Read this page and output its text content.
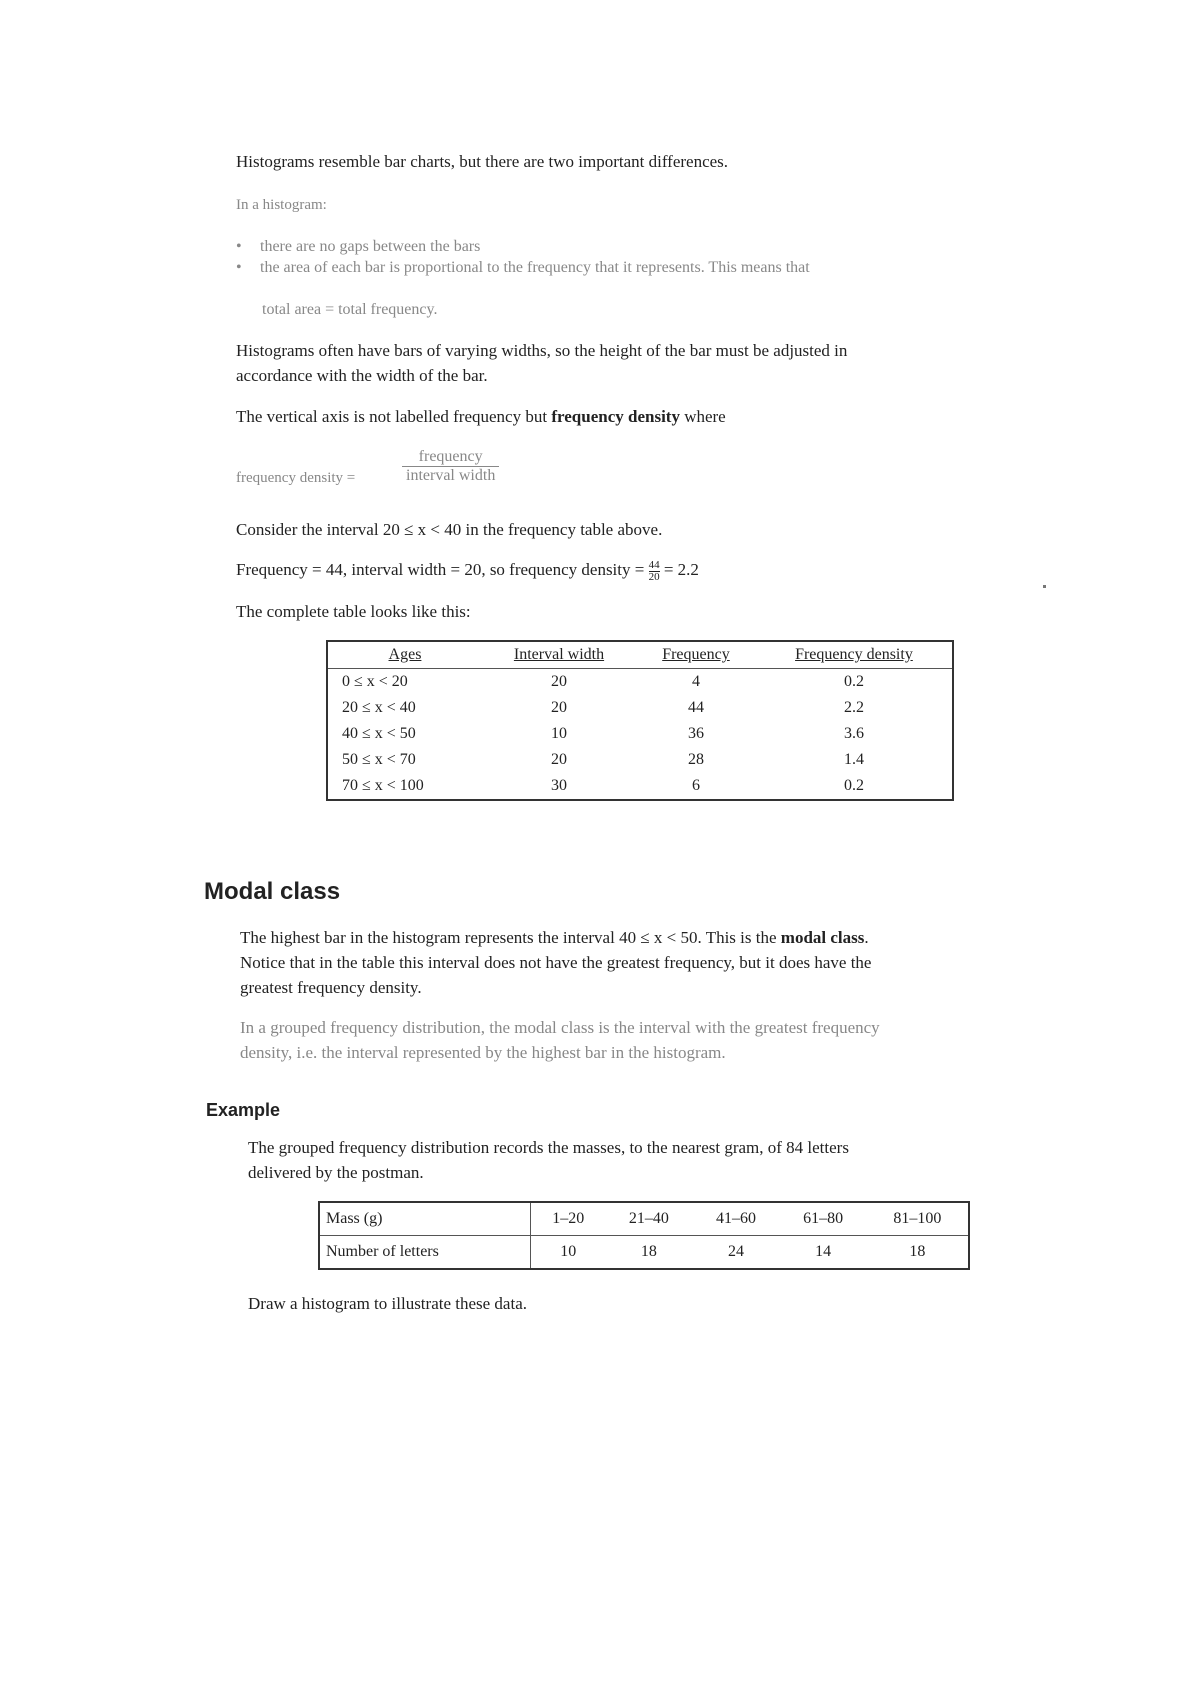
Histograms resemble bar charts, but there are two important differences.

In a histogram:

• there are no gaps between the bars
• the area of each bar is proportional to the frequency that it represents. This means that

total area = total frequency.

Histograms often have bars of varying widths, so the height of the bar must be adjusted in

accordance with the width of the bar.

The vertical axis is not labelled frequency but frequency density where

frequency density =

frequency
interval width

Consider the interval 20 ≤ x < 40 in the frequency table above.

Frequency = 44, interval width = 20, so frequency density = $\frac{44}{20} = 2.2$

The complete table looks like this:

Ages	Interval width	Frequency	Frequency density
0 ≤ x < 20	20	4	0.2
20 ≤ x < 40	20	44	2.2
40 ≤ x < 50	10	36	3.6
50 ≤ x < 70	20	28	1.4
70 ≤ x < 100	30	6	0.2
Modal class

The highest bar in the histogram represents the interval 40 ≤ x < 50. This is the modal class.

Notice that in the table this interval does not have the greatest frequency, but it does have the

greatest frequency density.

In a grouped frequency distribution, the modal class is the interval with the greatest frequency

density, i.e. the interval represented by the highest bar in the histogram.

Example

The grouped frequency distribution records the masses, to the nearest gram, of 84 letters

delivered by the postman.

Mass (g)	1–20	21–40	41–60	61–80	81–100
Number of letters	10	18	24	14	18

Draw a histogram to illustrate these data.
